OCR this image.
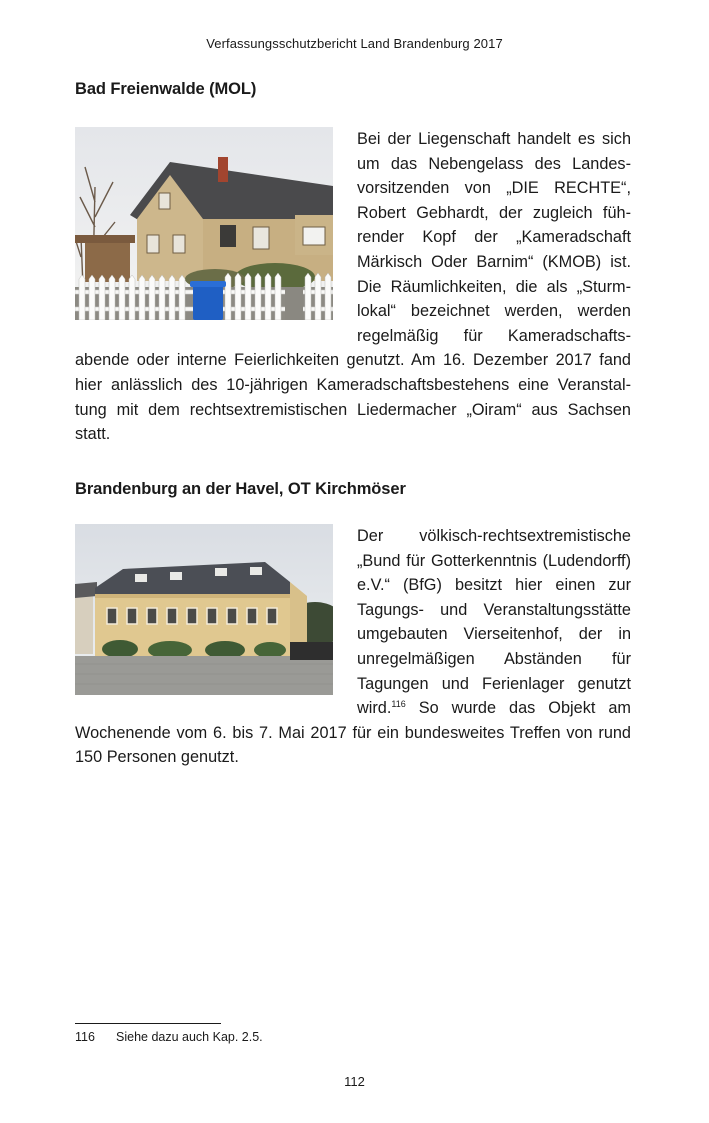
Verfassungsschutzbericht Land Brandenburg 2017
Bad Freienwalde (MOL)

Bei der Liegenschaft handelt es sich um das Nebengelass des Landesvorsitzenden von „DIE RECHTE“, Robert Gebhardt, der zugleich führender Kopf der „Kameradschaft Märkisch Oder Barnim“ (KMOB) ist. Die Räumlichkeiten, die als „Sturmlokal“ bezeichnet werden, werden regelmäßig für Kameradschaftsabende oder interne Feierlichkeiten genutzt. Am 16. Dezember 2017 fand hier anlässlich des 10-jährigen Kameradschaftsbestehens eine Veranstaltung mit dem rechtsextremistischen Liedermacher „Oiram“ aus Sachsen statt.

Brandenburg an der Havel, OT Kirchmöser

Der völkisch-rechtsextremistische „Bund für Gotterkenntnis (Ludendorff) e.V.“ (BfG) besitzt hier einen zur Tagungs- und Veranstaltungsstätte umgebauten Vierseitenhof, der in unregelmäßigen Abständen für Tagungen und Ferienlager genutzt wird.$^{116}$ So wurde das Objekt am Wochenende vom 6. bis 7. Mai 2017 für ein bundesweites Treffen von rund 150 Personen genutzt.

116 Siehe dazu auch Kap. 2.5.
112
